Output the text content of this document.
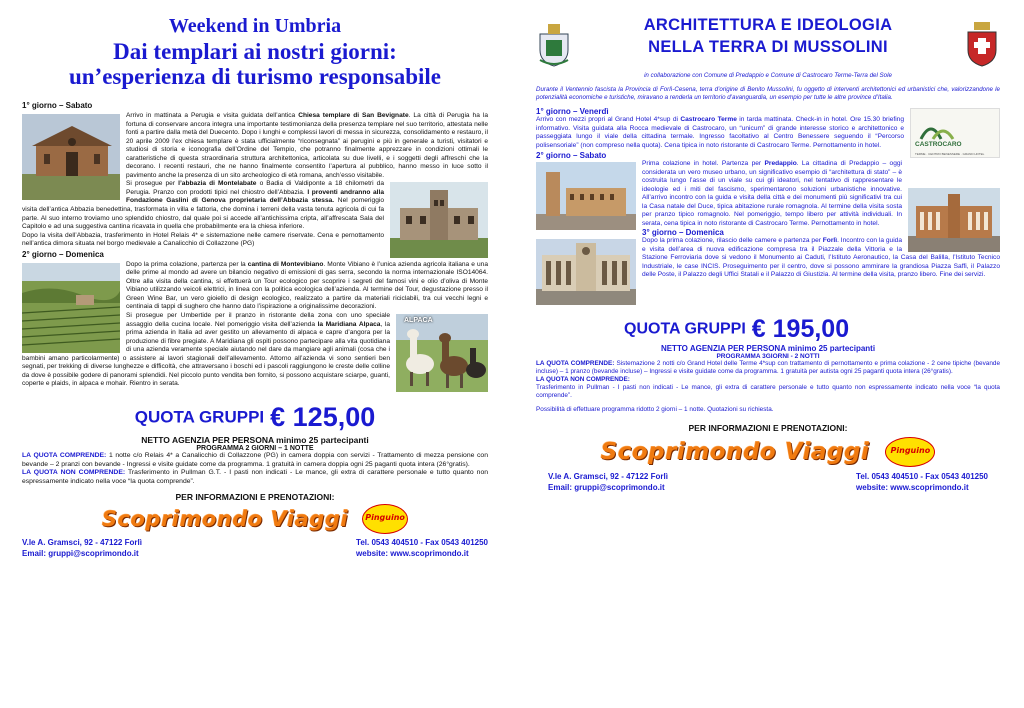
Weekend in Umbria
Dai templari ai nostri giorni:
un’esperienza di turismo responsabile
1° giorno – Sabato

Arrivo in mattinata a Perugia e visita guidata dell’antica Chiesa templare di San Bevignate. La città di Perugia ha la fortuna di conservare ancora integra una importante testimonianza della presenza templare nel suo territorio, attestata nelle fonti a partire dalla metà del Duecento. Dopo i lunghi e complessi lavori di messa in sicurezza, consolidamento e restauro, il 20 aprile 2009 l’ex chiesa templare è stata ufficialmente “riconsegnata” ai perugini e più in generale a turisti, visitatori e studiosi di storia e iconografia dell’Ordine del Tempio, che potranno finalmente apprezzare in condizioni ottimali le caratteristiche di questa straordinaria struttura architettonica, articolata su due livelli, e i soggetti degli affreschi che la decorano. I recenti restauri, che ne hanno finalmente consentito l’apertura al pubblico, hanno messo in luce sotto il pavimento anche la presenza di un sito archeologico di età romana, anch’esso visitabile.

Si prosegue per l’abbazia di Montelabate o Badia di Valdiponte a 18 chilometri da Perugia. Pranzo con prodotti tipici nel chiostro dell’Abbazia. I proventi andranno alla Fondazione Gaslini di Genova proprietaria dell’Abbazia stessa. Nel pomeriggio visita dell’antica Abbazia benedettina, trasformata in villa e fattoria, che domina i terreni della vasta tenuta agricola di cui fa parte. Al suo interno troviamo uno splendido chiostro, dal quale poi si accede all’antichissima cripta, all’affrescata Sala del Capitolo e ad una suggestiva cantina ricavata in quella che probabilmente era la chiesa inferiore.

Dopo la visita dell’Abbazia, trasferimento in Hotel Relais 4* e sistemazione nelle camere riservate. Cena e pernottamento nell’antica dimora situata nel borgo medievale a Canalicchio di Collazzone (PG)

2° giorno – Domenica

Dopo la prima colazione, partenza per la cantina di Montevibiano. Monte Vibiano è l’unica azienda agricola italiana e una delle prime al mondo ad avere un bilancio negativo di emissioni di gas serra, secondo la norma internazionale ISO14064. Oltre alla visita della cantina, si effettuerà un Tour ecologico per scoprire i segreti del famosi vini e olio d’oliva di Monte Vibiano utilizzando veicoli elettrici, in linea con la politica ecologica dell’azienda. Al termine del Tour, degustazione presso il Green Wine Bar, un vero gioiello di design ecologico, realizzato a partire da materiali riciclabili, tra cui vecchi legni e centinaia di tappi di sughero che hanno dato l’ispirazione a originalissime decorazioni.

ALPACA

Si prosegue per Umbertide per il pranzo in ristorante della zona con uno speciale assaggio della cucina locale. Nel pomeriggio visita dell’azienda la Maridiana Alpaca, la prima azienda in Italia ad aver gestito un allevamento di alpaca e capre d’angora per la produzione di fibre pregiate. A Maridiana gli ospiti possono partecipare alla vita quotidiana di una azienda veramente speciale aiutando nel dare da mangiare agli animali (cosa che i bambini amano particolarmente) o assistere ai lavori stagionali dell’allevamento. Attorno all’azienda vi sono sentieri ben segnati, per trekking di diverse lunghezze e difficoltà, che attraversano i boschi ed i pascoli raggiungono le creste delle colline da dove è possibile godere di panorami splendidi. Nel piccolo punto vendita ben fornito, si possono acquistare sciarpe, guanti, coperte e plaids, in alpaca e mohair. Rientro in serata.

QUOTA GRUPPI € 125,00
NETTO AGENZIA PER PERSONA minimo 25 partecipanti
PROGRAMMA 2 GIORNI – 1 NOTTE
LA QUOTA COMPRENDE: 1 notte c/o Relais 4* a Canalicchio di Collazzone (PG) in camera doppia con servizi - Trattamento di mezza pensione con bevande – 2 pranzi con bevande - Ingressi e visite guidate come da programma. 1 gratuità in camera doppia ogni 25 paganti quota intera (26°gratis).
LA QUOTA NON COMPRENDE: Trasferimento in Pullman G.T. - I pasti non indicati - Le mance, gli extra di carattere personale e tutto quanto non espressamente indicato nella voce “la quota comprende”.
PER INFORMAZIONI E PRENOTAZIONI:
Scoprimondo Viaggi	Pinguino
V.le A. Gramsci, 92 - 47122 Forlì
Email: gruppi@scoprimondo.it
Tel. 0543 404510 - Fax 0543 401250
website: www.scoprimondo.it
ARCHITETTURA E IDEOLOGIA
NELLA TERRA DI MUSSOLINI
in collaborazione con Comune di Predappio e Comune di Castrocaro Terme-Terra del Sole
Durante il Ventennio fascista la Provincia di Forlì-Cesena, terra d’origine di Benito Mussolini, fu oggetto di interventi architettonici ed urbanistici che, valorizzandone le potenzialità economiche e turistiche, miravano a renderla un territorio d’avanguardia, un esempio per tutte le altre province d’Italia.
1° giorno – Venerdì
CASTROCARO
TERME · CENTRO BENESSERE · GRAND HOTEL

Arrivo con mezzi propri al Grand Hotel 4*sup di Castrocaro Terme in tarda mattinata. Check-in in hotel. Ore 15.30 briefing informativo. Visita guidata alla Rocca medievale di Castrocaro, un “unicum” di grande interesse storico e architettonico e passeggiata lungo il viale della cittadina termale. Ingresso facoltativo al Centro Benessere seguendo il “Percorso polisensoriale” (non compreso nella quota). Cena tipica in noto ristorante di Castrocaro Terme. Pernottamento in hotel.

2° giorno – Sabato

Prima colazione in hotel. Partenza per Predappio. La cittadina di Predappio – oggi considerata un vero museo urbano, un significativo esempio di “architettura di stato” – è costruita lungo l’asse di un viale su cui gli ideatori, nel tentativo di rappresentare le ideologie ed i miti del fascismo, sperimentarono soluzioni urbanistiche innovative. All’arrivo incontro con la guida e visita della città e dei monumenti più significativi tra cui la Casa natale del Duce, tipica abitazione rurale romagnola. Al termine della visita sosta per pranzo tipico romagnolo. Nel pomeriggio, tempo libero per attività individuali. In serata, cena tipica in noto ristorante di Castrocaro Terme. Pernottamento in hotel.

3° giorno – Domenica

Dopo la prima colazione, rilascio delle camere e partenza per Forlì. Incontro con la guida e visita dell’area di nuova edificazione compresa tra il Piazzale della Vittoria e la Stazione Ferroviaria dove si vedono il Monumento ai Caduti, l’Istituto Aeronautico, la Casa del Balilla, l’Istituto Tecnico Industriale, le case INCIS. Proseguimento per il centro, dove si possono ammirare la grandiosa Piazza Saffi, il Palazzo delle Poste, il Palazzo degli Uffici Statali e il Palazzo di Giustizia. Al termine della visita, pranzo libero. Fine dei servizi.

QUOTA GRUPPI € 195,00
NETTO AGENZIA PER PERSONA minimo 25 partecipanti
PROGRAMMA 3GIORNI - 2 NOTTI
LA QUOTA COMPRENDE: Sistemazione 2 notti c/o Grand Hotel delle Terme 4*sup con trattamento di pernottamento e prima colazione - 2 cene tipiche (bevande incluse) – 1 pranzo (bevande incluse) – Ingressi e visite guidate come da programma. 1 gratuità per autista ogni 25 paganti quota intera (26°gratis).
LA QUOTA NON COMPRENDE:
Trasferimento in Pullman - I pasti non indicati - Le mance, gli extra di carattere personale e tutto quanto non espressamente indicato nella voce “la quota comprende”.
Possibilità di effettuare programma ridotto 2 giorni – 1 notte. Quotazioni su richiesta.
PER INFORMAZIONI E PRENOTAZIONI:
Scoprimondo Viaggi	Pinguino
V.le A. Gramsci, 92 - 47122 Forlì
Email: gruppi@scoprimondo.it
Tel. 0543 404510 - Fax 0543 401250
website: www.scoprimondo.it
